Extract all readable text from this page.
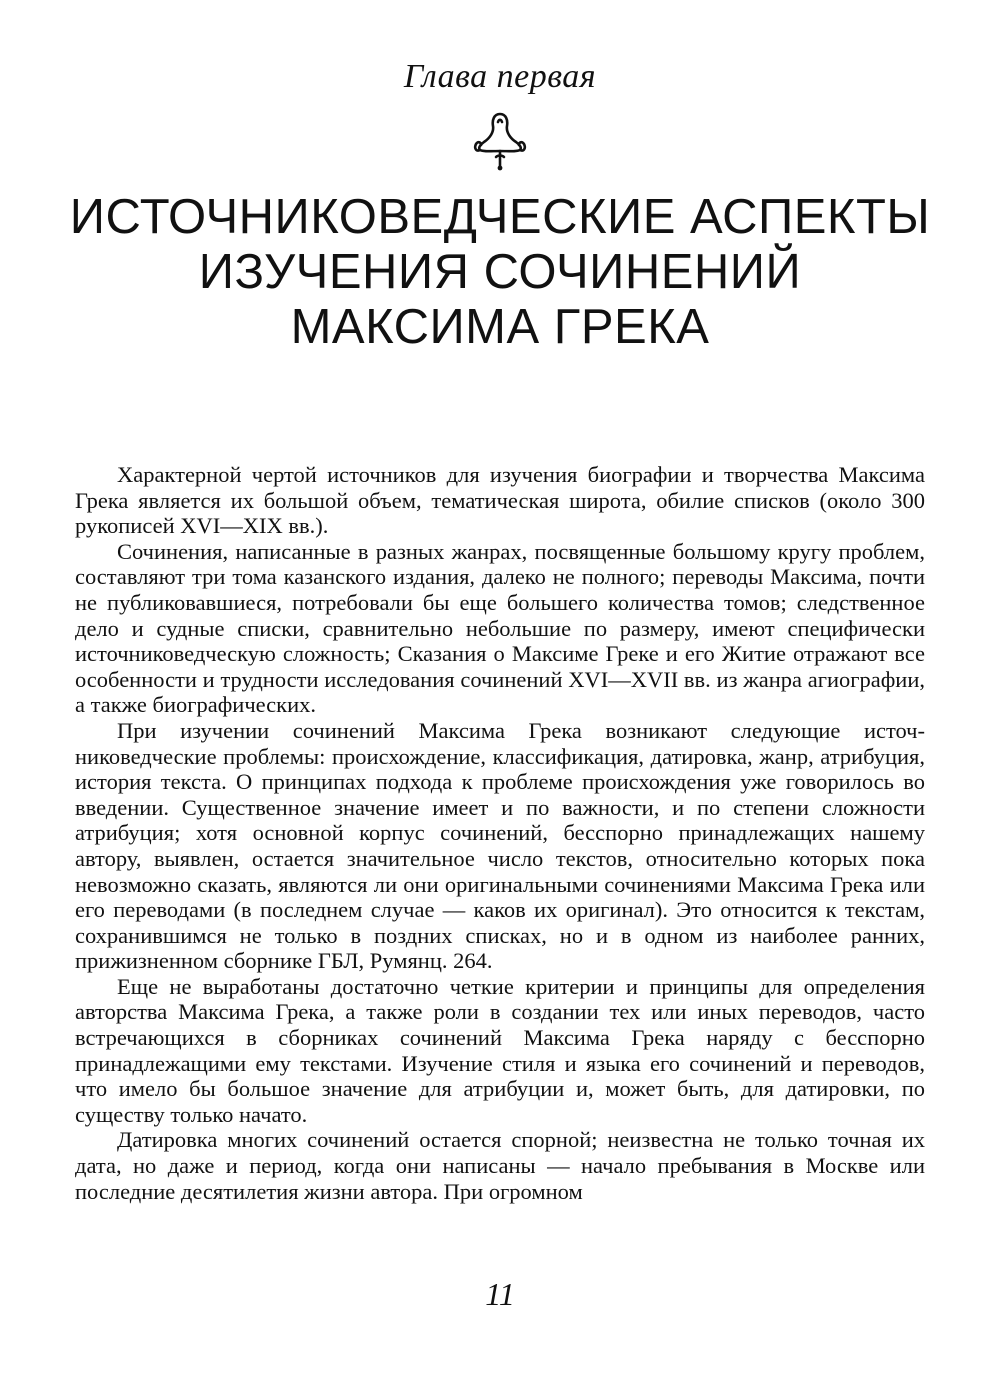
Глава первая
ИСТОЧНИКОВЕДЧЕСКИЕ АСПЕКТЫ
ИЗУЧЕНИЯ СОЧИНЕНИЙ
МАКСИМА ГРЕКА

Характерной чертой источников для изучения биографии и творчества Максима Грека является их большой объем, тематическая широта, обилие списков (около 300 рукописей XVI—XIX вв.).

Сочинения, написанные в разных жанрах, посвященные большому кругу проблем, составляют три тома казанского издания, далеко не полного; переводы Максима, почти не публиковавшиеся, потребовали бы еще большего количества томов; следственное дело и судные списки, сравнительно небольшие по размеру, имеют специфически источниковедческую сложность; Сказания о Максиме Греке и его Житие отражают все особенности и трудности исследования сочинений XVI—XVII вв. из жанра агиографии, а также биографических.

При изучении сочинений Максима Грека возникают следующие источниковедческие проблемы: происхождение, классификация, датировка, жанр, атрибуция, история текста. О принципах подхода к проблеме происхождения уже говорилось во введении. Существенное значение имеет и по важности, и по степени сложности атрибуция; хотя основной корпус сочинений, бесспорно принадлежащих нашему автору, выявлен, остается значительное число текстов, относительно которых пока невозможно сказать, являются ли они оригинальными сочинениями Максима Грека или его переводами (в последнем случае — каков их оригинал). Это относится к текстам, сохранившимся не только в поздних списках, но и в одном из наиболее ранних, прижизненном сборнике ГБЛ, Румянц. 264.

Еще не выработаны достаточно четкие критерии и принципы для определения авторства Максима Грека, а также роли в создании тех или иных переводов, часто встречающихся в сборниках сочинений Максима Грека наряду с бесспорно принадлежащими ему текстами. Изучение стиля и языка его сочинений и переводов, что имело бы большое значение для атрибуции и, может быть, для датировки, по существу только начато.

Датировка многих сочинений остается спорной; неизвестна не только точная их дата, но даже и период, когда они написаны — начало пребывания в Москве или последние десятилетия жизни автора. При огромном

11
